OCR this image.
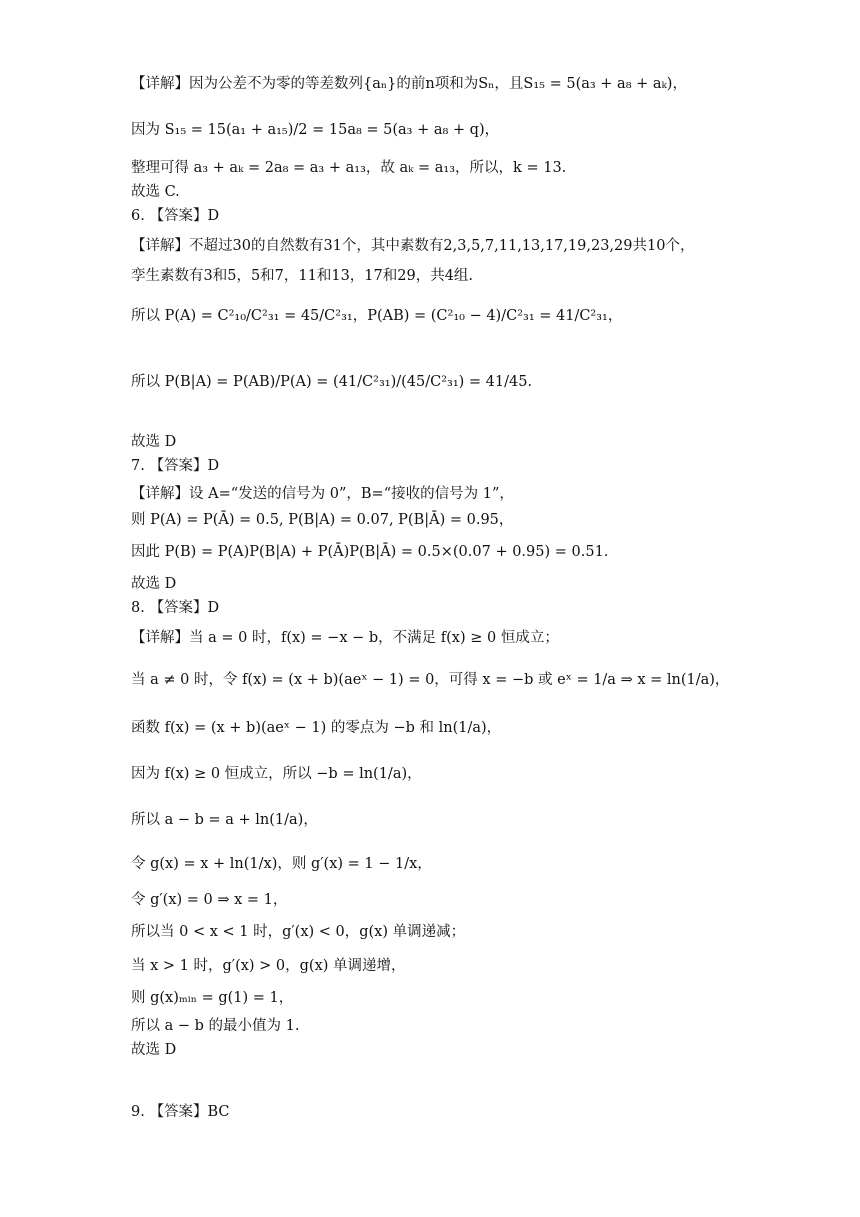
【详解】因为公差不为零的等差数列{aₙ}的前n项和为Sₙ，且S₁₅ = 5(a₃ + a₈ + aₖ)，
因为 S₁₅ = 15(a₁ + a₁₅)/2 = 15a₈ = 5(a₃ + a₈ + q)，
整理可得 a₃ + aₖ = 2a₈ = a₃ + a₁₃，故 aₖ = a₁₃，所以，k = 13.
故选 C.
6. 【答案】D
【详解】不超过30的自然数有31个，其中素数有2,3,5,7,11,13,17,19,23,29共10个，
孪生素数有3和5，5和7，11和13，17和29，共4组.
所以 P(A) = C²₁₀/C²₃₁ = 45/C²₃₁，P(AB) = (C²₁₀ − 4)/C²₃₁ = 41/C²₃₁，
所以 P(B|A) = P(AB)/P(A) = (41/C²₃₁)/(45/C²₃₁) = 41/45.
故选 D
7. 【答案】D
【详解】设 A=“发送的信号为 0”，B=“接收的信号为 1”，
则 P(A) = P(Ā) = 0.5, P(B|A) = 0.07, P(B|Ā) = 0.95，
因此 P(B) = P(A)P(B|A) + P(Ā)P(B|Ā) = 0.5×(0.07 + 0.95) = 0.51.
故选 D
8. 【答案】D
【详解】当 a = 0 时，f(x) = −x − b，不满足 f(x) ≥ 0 恒成立；
当 a ≠ 0 时，令 f(x) = (x + b)(aeˣ − 1) = 0，可得 x = −b 或 eˣ = 1/a ⇒ x = ln(1/a)，
函数 f(x) = (x + b)(aeˣ − 1) 的零点为 −b 和 ln(1/a)，
因为 f(x) ≥ 0 恒成立，所以 −b = ln(1/a)，
所以 a − b = a + ln(1/a)，
令 g(x) = x + ln(1/x)，则 g′(x) = 1 − 1/x，
令 g′(x) = 0 ⇒ x = 1，
所以当 0 < x < 1 时，g′(x) < 0，g(x) 单调递减；
当 x > 1 时，g′(x) > 0，g(x) 单调递增，
则 g(x)ₘᵢₙ = g(1) = 1，
所以 a − b 的最小值为 1.
故选 D
9. 【答案】BC
